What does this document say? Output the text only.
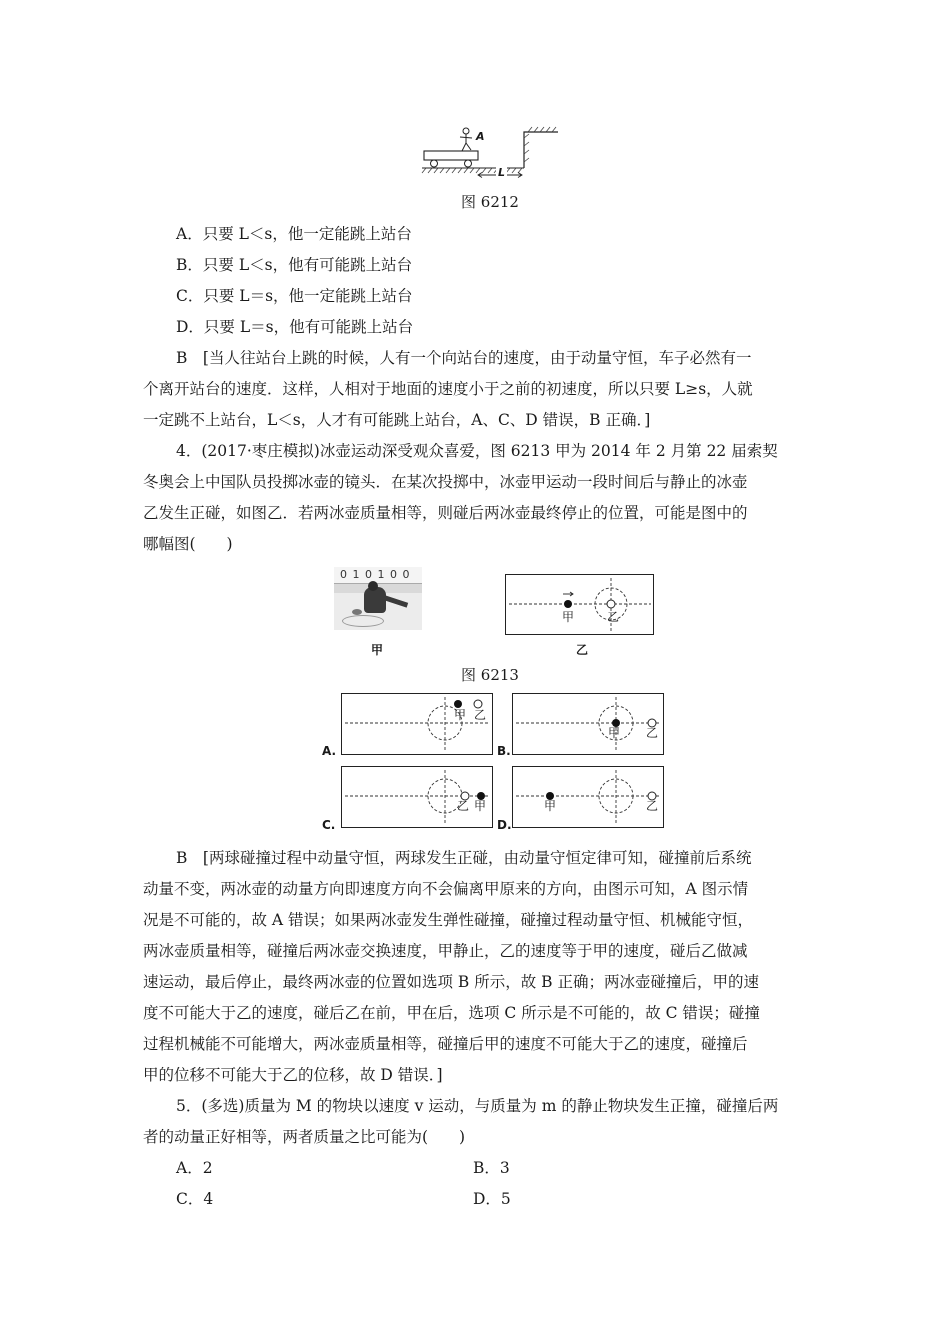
A
L
图 6212
A．只要 L＜s，他一定能跳上站台
B．只要 L＜s，他有可能跳上站台
C．只要 L＝s，他一定能跳上站台
D．只要 L＝s，他有可能跳上站台
B　[当人往站台上跳的时候，人有一个向站台的速度，由于动量守恒，车子必然有一
个离开站台的速度．这样，人相对于地面的速度小于之前的初速度，所以只要 L≥s，人就
一定跳不上站台，L＜s，人才有可能跳上站台，A、C、D 错误，B 正确．]
4．(2017·枣庄模拟)冰壶运动深受观众喜爱，图 6213 甲为 2014 年 2 月第 22 届索契
冬奥会上中国队员投掷冰壶的镜头．在某次投掷中，冰壶甲运动一段时间后与静止的冰壶
乙发生正碰，如图乙．若两冰壶质量相等，则碰后两冰壶最终停止的位置，可能是图中的
哪幅图(　　)
0 1 0 1 0 0
甲
甲	乙
乙
图 6213
甲 乙
A.
甲 乙
B.
乙 甲
C.
甲	乙
D.
B　[两球碰撞过程中动量守恒，两球发生正碰，由动量守恒定律可知，碰撞前后系统
动量不变，两冰壶的动量方向即速度方向不会偏离甲原来的方向，由图示可知，A 图示情
况是不可能的，故 A 错误；如果两冰壶发生弹性碰撞，碰撞过程动量守恒、机械能守恒，
两冰壶质量相等，碰撞后两冰壶交换速度，甲静止，乙的速度等于甲的速度，碰后乙做减
速运动，最后停止，最终两冰壶的位置如选项 B 所示，故 B 正确；两冰壶碰撞后，甲的速
度不可能大于乙的速度，碰后乙在前，甲在后，选项 C 所示是不可能的，故 C 错误；碰撞
过程机械能不可能增大，两冰壶质量相等，碰撞后甲的速度不可能大于乙的速度，碰撞后
甲的位移不可能大于乙的位移，故 D 错误．]
5．(多选)质量为 M 的物块以速度 v 运动，与质量为 m 的静止物块发生正撞，碰撞后两
者的动量正好相等，两者质量之比可能为(　　)
A．2	B．3
C．4	D．5
